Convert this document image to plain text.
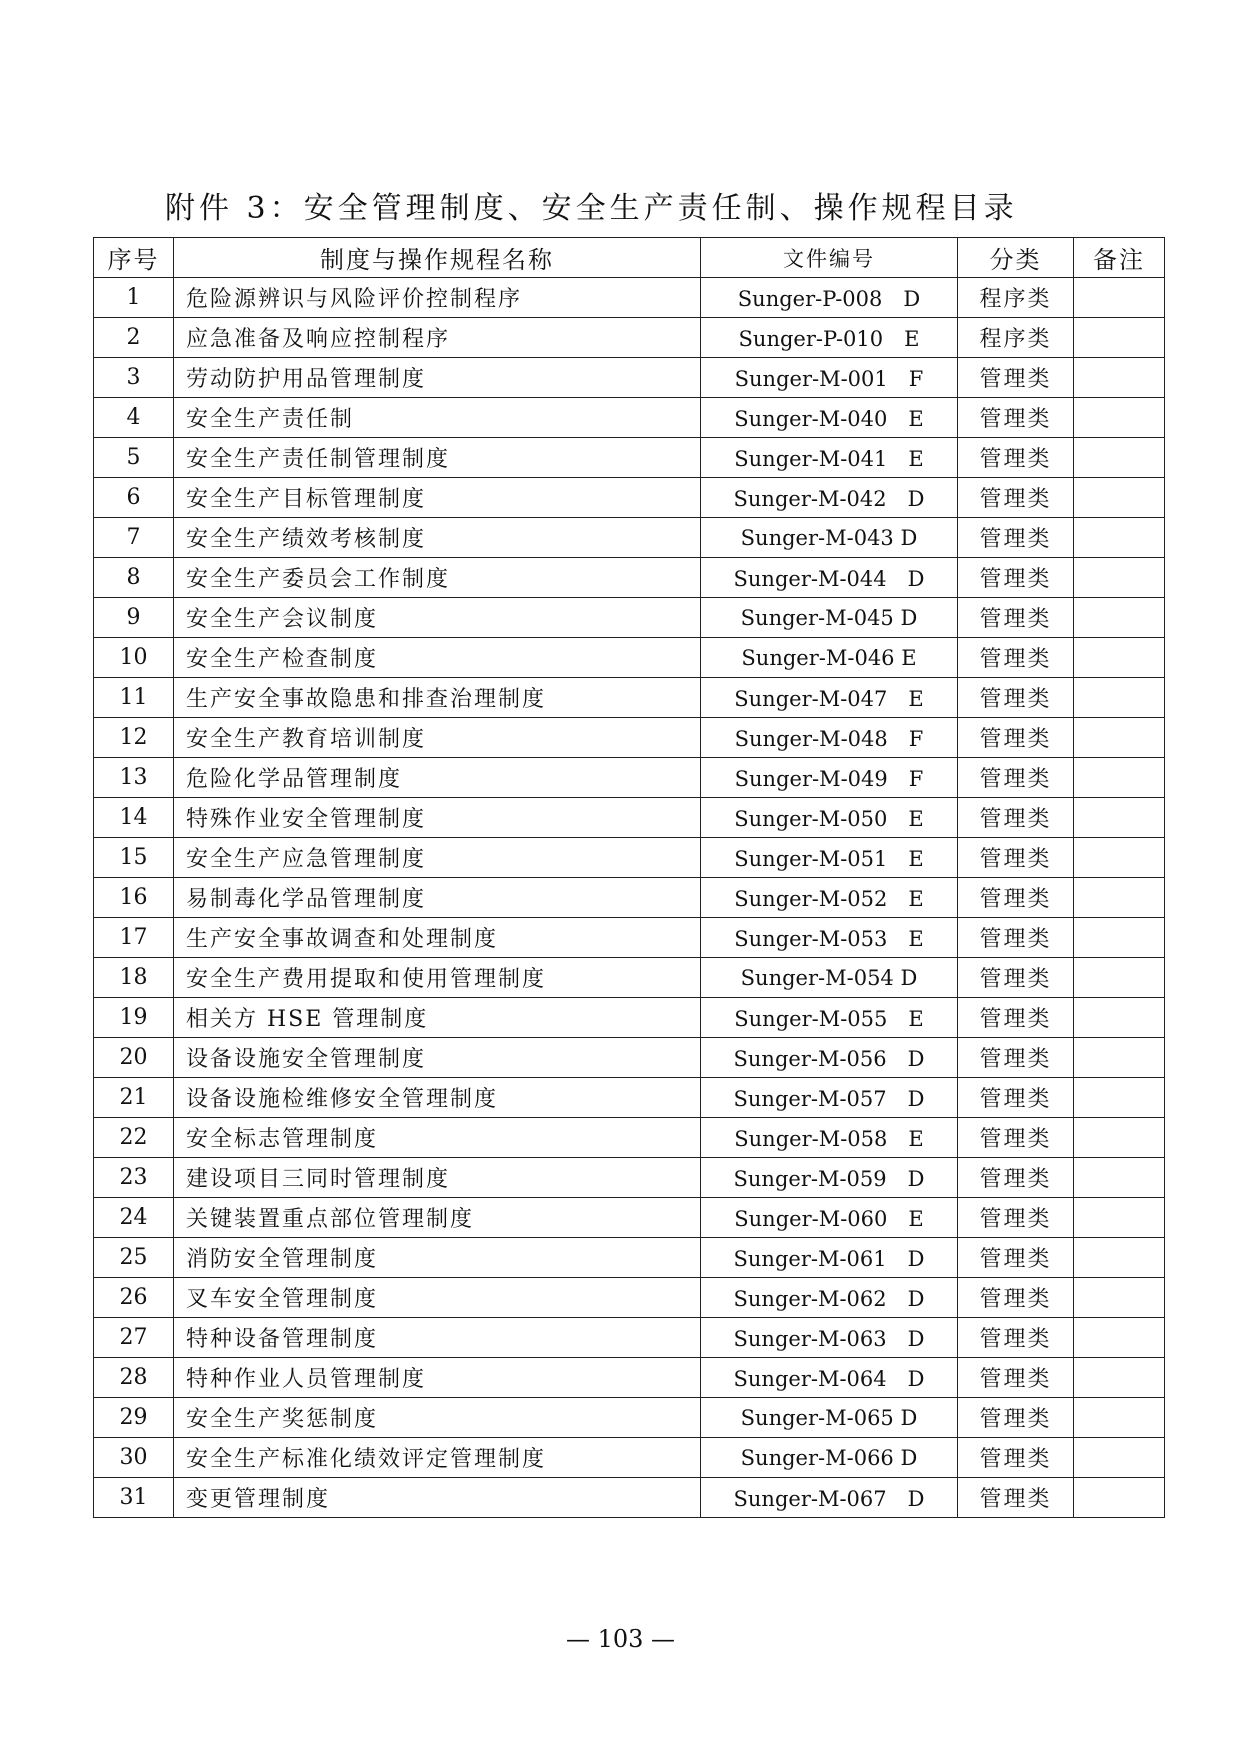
附件 3：安全管理制度、安全生产责任制、操作规程目录
序号	制度与操作规程名称	文件编号	分类	备注
1	危险源辨识与风险评价控制程序	Sunger-P-008　D	程序类	
2	应急准备及响应控制程序	Sunger-P-010　E	程序类	
3	劳动防护用品管理制度	Sunger-M-001　F	管理类	
4	安全生产责任制	Sunger-M-040　E	管理类	
5	安全生产责任制管理制度	Sunger-M-041　E	管理类	
6	安全生产目标管理制度	Sunger-M-042　D	管理类	
7	安全生产绩效考核制度	Sunger-M-043 D	管理类	
8	安全生产委员会工作制度	Sunger-M-044　D	管理类	
9	安全生产会议制度	Sunger-M-045 D	管理类	
10	安全生产检查制度	Sunger-M-046 E	管理类	
11	生产安全事故隐患和排查治理制度	Sunger-M-047　E	管理类	
12	安全生产教育培训制度	Sunger-M-048　F	管理类	
13	危险化学品管理制度	Sunger-M-049　F	管理类	
14	特殊作业安全管理制度	Sunger-M-050　E	管理类	
15	安全生产应急管理制度	Sunger-M-051　E	管理类	
16	易制毒化学品管理制度	Sunger-M-052　E	管理类	
17	生产安全事故调查和处理制度	Sunger-M-053　E	管理类	
18	安全生产费用提取和使用管理制度	Sunger-M-054 D	管理类	
19	相关方 HSE 管理制度	Sunger-M-055　E	管理类	
20	设备设施安全管理制度	Sunger-M-056　D	管理类	
21	设备设施检维修安全管理制度	Sunger-M-057　D	管理类	
22	安全标志管理制度	Sunger-M-058　E	管理类	
23	建设项目三同时管理制度	Sunger-M-059　D	管理类	
24	关键装置重点部位管理制度	Sunger-M-060　E	管理类	
25	消防安全管理制度	Sunger-M-061　D	管理类	
26	叉车安全管理制度	Sunger-M-062　D	管理类	
27	特种设备管理制度	Sunger-M-063　D	管理类	
28	特种作业人员管理制度	Sunger-M-064　D	管理类	
29	安全生产奖惩制度	Sunger-M-065 D	管理类	
30	安全生产标准化绩效评定管理制度	Sunger-M-066 D	管理类	
31	变更管理制度	Sunger-M-067　D	管理类	
— 103 —
